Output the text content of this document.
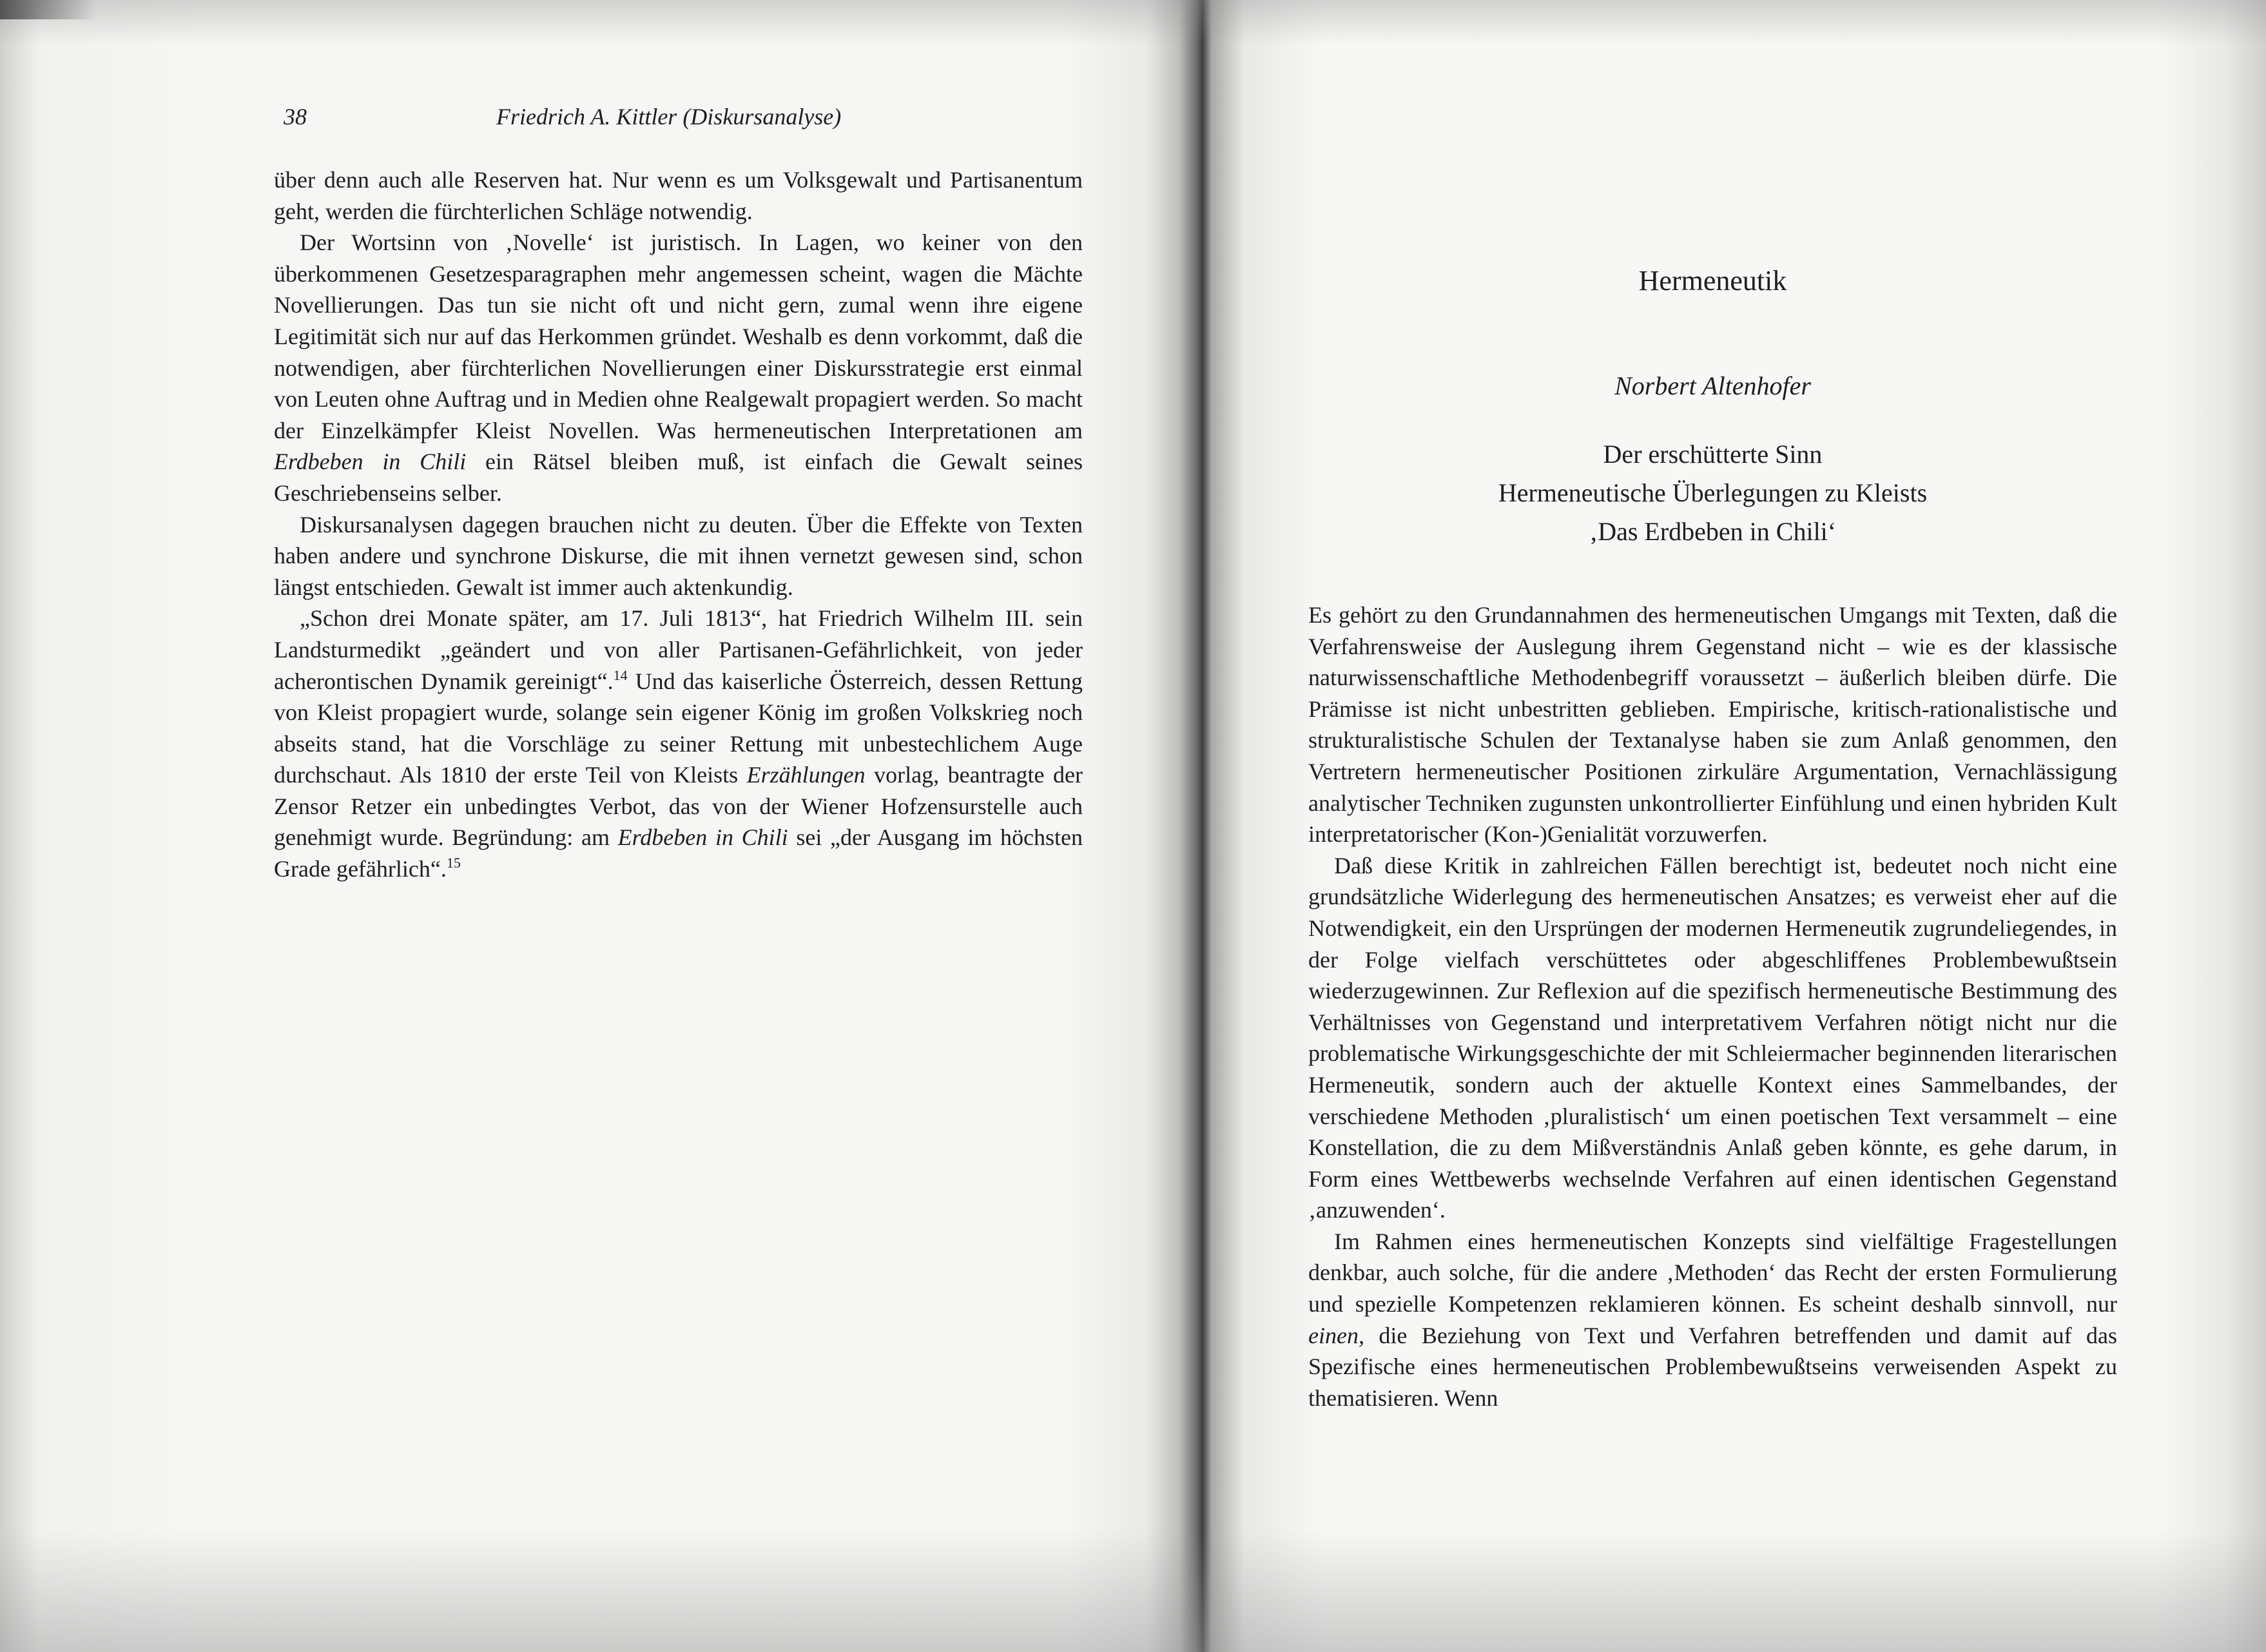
38	Friedrich A. Kittler (Diskursanalyse)

über denn auch alle Reserven hat. Nur wenn es um Volksgewalt und Partisanentum geht, werden die fürchterlichen Schläge notwendig.

Der Wortsinn von ‚Novelle‘ ist juristisch. In Lagen, wo keiner von den überkommenen Gesetzesparagraphen mehr angemessen scheint, wagen die Mächte Novellierungen. Das tun sie nicht oft und nicht gern, zumal wenn ihre eigene Legitimität sich nur auf das Herkommen gründet. Weshalb es denn vorkommt, daß die notwendigen, aber fürchterlichen Novellierungen einer Diskursstrategie erst einmal von Leuten ohne Auftrag und in Medien ohne Realgewalt propagiert werden. So macht der Einzelkämpfer Kleist Novellen. Was hermeneutischen Interpretationen am Erdbeben in Chili ein Rätsel bleiben muß, ist einfach die Gewalt seines Geschriebenseins selber.

Diskursanalysen dagegen brauchen nicht zu deuten. Über die Effekte von Texten haben andere und synchrone Diskurse, die mit ihnen vernetzt gewesen sind, schon längst entschieden. Gewalt ist immer auch aktenkundig.

„Schon drei Monate später, am 17. Juli 1813“, hat Friedrich Wilhelm III. sein Landsturmedikt „geändert und von aller Partisanen-Gefährlichkeit, von jeder acherontischen Dynamik gereinigt“.$^{14}$ Und das kaiserliche Österreich, dessen Rettung von Kleist propagiert wurde, solange sein eigener König im großen Volkskrieg noch abseits stand, hat die Vorschläge zu seiner Rettung mit unbestechlichem Auge durchschaut. Als 1810 der erste Teil von Kleists Erzählungen vorlag, beantragte der Zensor Retzer ein unbedingtes Verbot, das von der Wiener Hofzensurstelle auch genehmigt wurde. Begründung: am Erdbeben in Chili sei „der Ausgang im höchsten Grade gefährlich“.$^{15}$

Hermeneutik
Norbert Altenhofer
Der erschütterte Sinn
Hermeneutische Überlegungen zu Kleists
‚Das Erdbeben in Chili‘

Es gehört zu den Grundannahmen des hermeneutischen Umgangs mit Texten, daß die Verfahrensweise der Auslegung ihrem Gegenstand nicht – wie es der klassische naturwissenschaftliche Methodenbegriff voraussetzt – äußerlich bleiben dürfe. Die Prämisse ist nicht unbestritten geblieben. Empirische, kritisch-rationalistische und strukturalistische Schulen der Textanalyse haben sie zum Anlaß genommen, den Vertretern hermeneutischer Positionen zirkuläre Argumentation, Vernachlässigung analytischer Techniken zugunsten unkontrollierter Einfühlung und einen hybriden Kult interpretatorischer (Kon-)Genialität vorzuwerfen.

Daß diese Kritik in zahlreichen Fällen berechtigt ist, bedeutet noch nicht eine grundsätzliche Widerlegung des hermeneutischen Ansatzes; es verweist eher auf die Notwendigkeit, ein den Ursprüngen der modernen Hermeneutik zugrundeliegendes, in der Folge vielfach verschüttetes oder abgeschliffenes Problembewußtsein wiederzugewinnen. Zur Reflexion auf die spezifisch hermeneutische Bestimmung des Verhältnisses von Gegenstand und interpretativem Verfahren nötigt nicht nur die problematische Wirkungsgeschichte der mit Schleiermacher beginnenden literarischen Hermeneutik, sondern auch der aktuelle Kontext eines Sammelbandes, der verschiedene Methoden ‚pluralistisch‘ um einen poetischen Text versammelt – eine Konstellation, die zu dem Mißverständnis Anlaß geben könnte, es gehe darum, in Form eines Wettbewerbs wechselnde Verfahren auf einen identischen Gegenstand ‚anzuwenden‘.

Im Rahmen eines hermeneutischen Konzepts sind vielfältige Fragestellungen denkbar, auch solche, für die andere ‚Methoden‘ das Recht der ersten Formulierung und spezielle Kompetenzen reklamieren können. Es scheint deshalb sinnvoll, nur einen, die Beziehung von Text und Verfahren betreffenden und damit auf das Spezifische eines hermeneutischen Problembewußtseins verweisenden Aspekt zu thematisieren. Wenn
